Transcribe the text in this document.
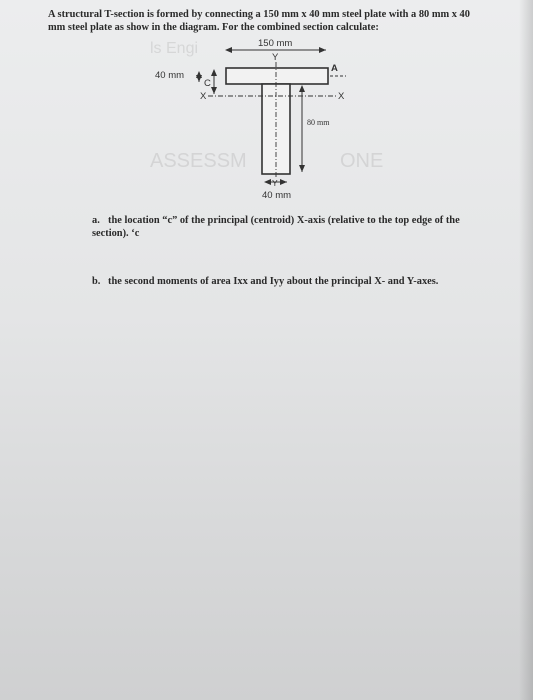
ls Engi
ASSESSM	ONE

A structural T-section is formed by connecting a 150 mm x 40 mm steel plate with a 80 mm x 40 mm steel plate as show in the diagram. For the combined section calculate:

150 mm
Y
A
40 mm
C
X	X
80 mm
Y
40 mm

a. the location “c” of the principal (centroid) X-axis (relative to the top edge of the section). ‘c

b. the second moments of area Ixx and Iyy about the principal X- and Y-axes.
